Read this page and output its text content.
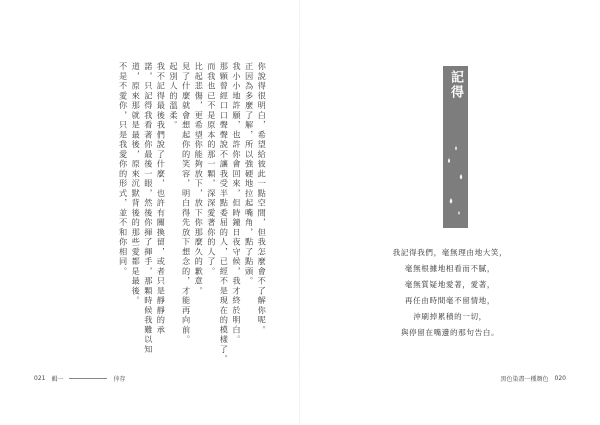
你說得很明白，希望給彼此一點空間，但我怎麼會不了解你呢。
正因為多麼了解，所以強硬地拉起嘴角，點了點頭。
我小小地許願，也許你會回來，但時鐘日夜守候，我才終於明白。
那顆曾經口口聲聲說不讓我受半點委屈的人，已經不是現在的模樣了。
而我也已不是原本的那一顆，深深愛著你的人了。
比起悲傷，更希望你能夠放下，放下你那麼久的歉意。
見了什麼就會想起你的笑容，明白得先放下想念的，才能再向前。
起別人的溫柔。
我不記得最後我們說了什麼，也許有關換留，或者只是靜靜的承
諾，只記得我看著你最後一眼，然後你揮了揮手，那顆時候我難以知
道，原來那就是最後，原來沉默背後的那些愛都是最後。
不是不愛你，只是我愛你的形式，並不和你相同。
021 輯一	倖存
記得
我記得我們，毫無理由地大笑，
毫無根據地相看而不膩，
毫無質疑地愛著，愛著，
再任由時間毫不留情地，
沖刷掉累積的一切，
與停留在嘴邊的那句告白。
黑色染盡一種顏色 020
